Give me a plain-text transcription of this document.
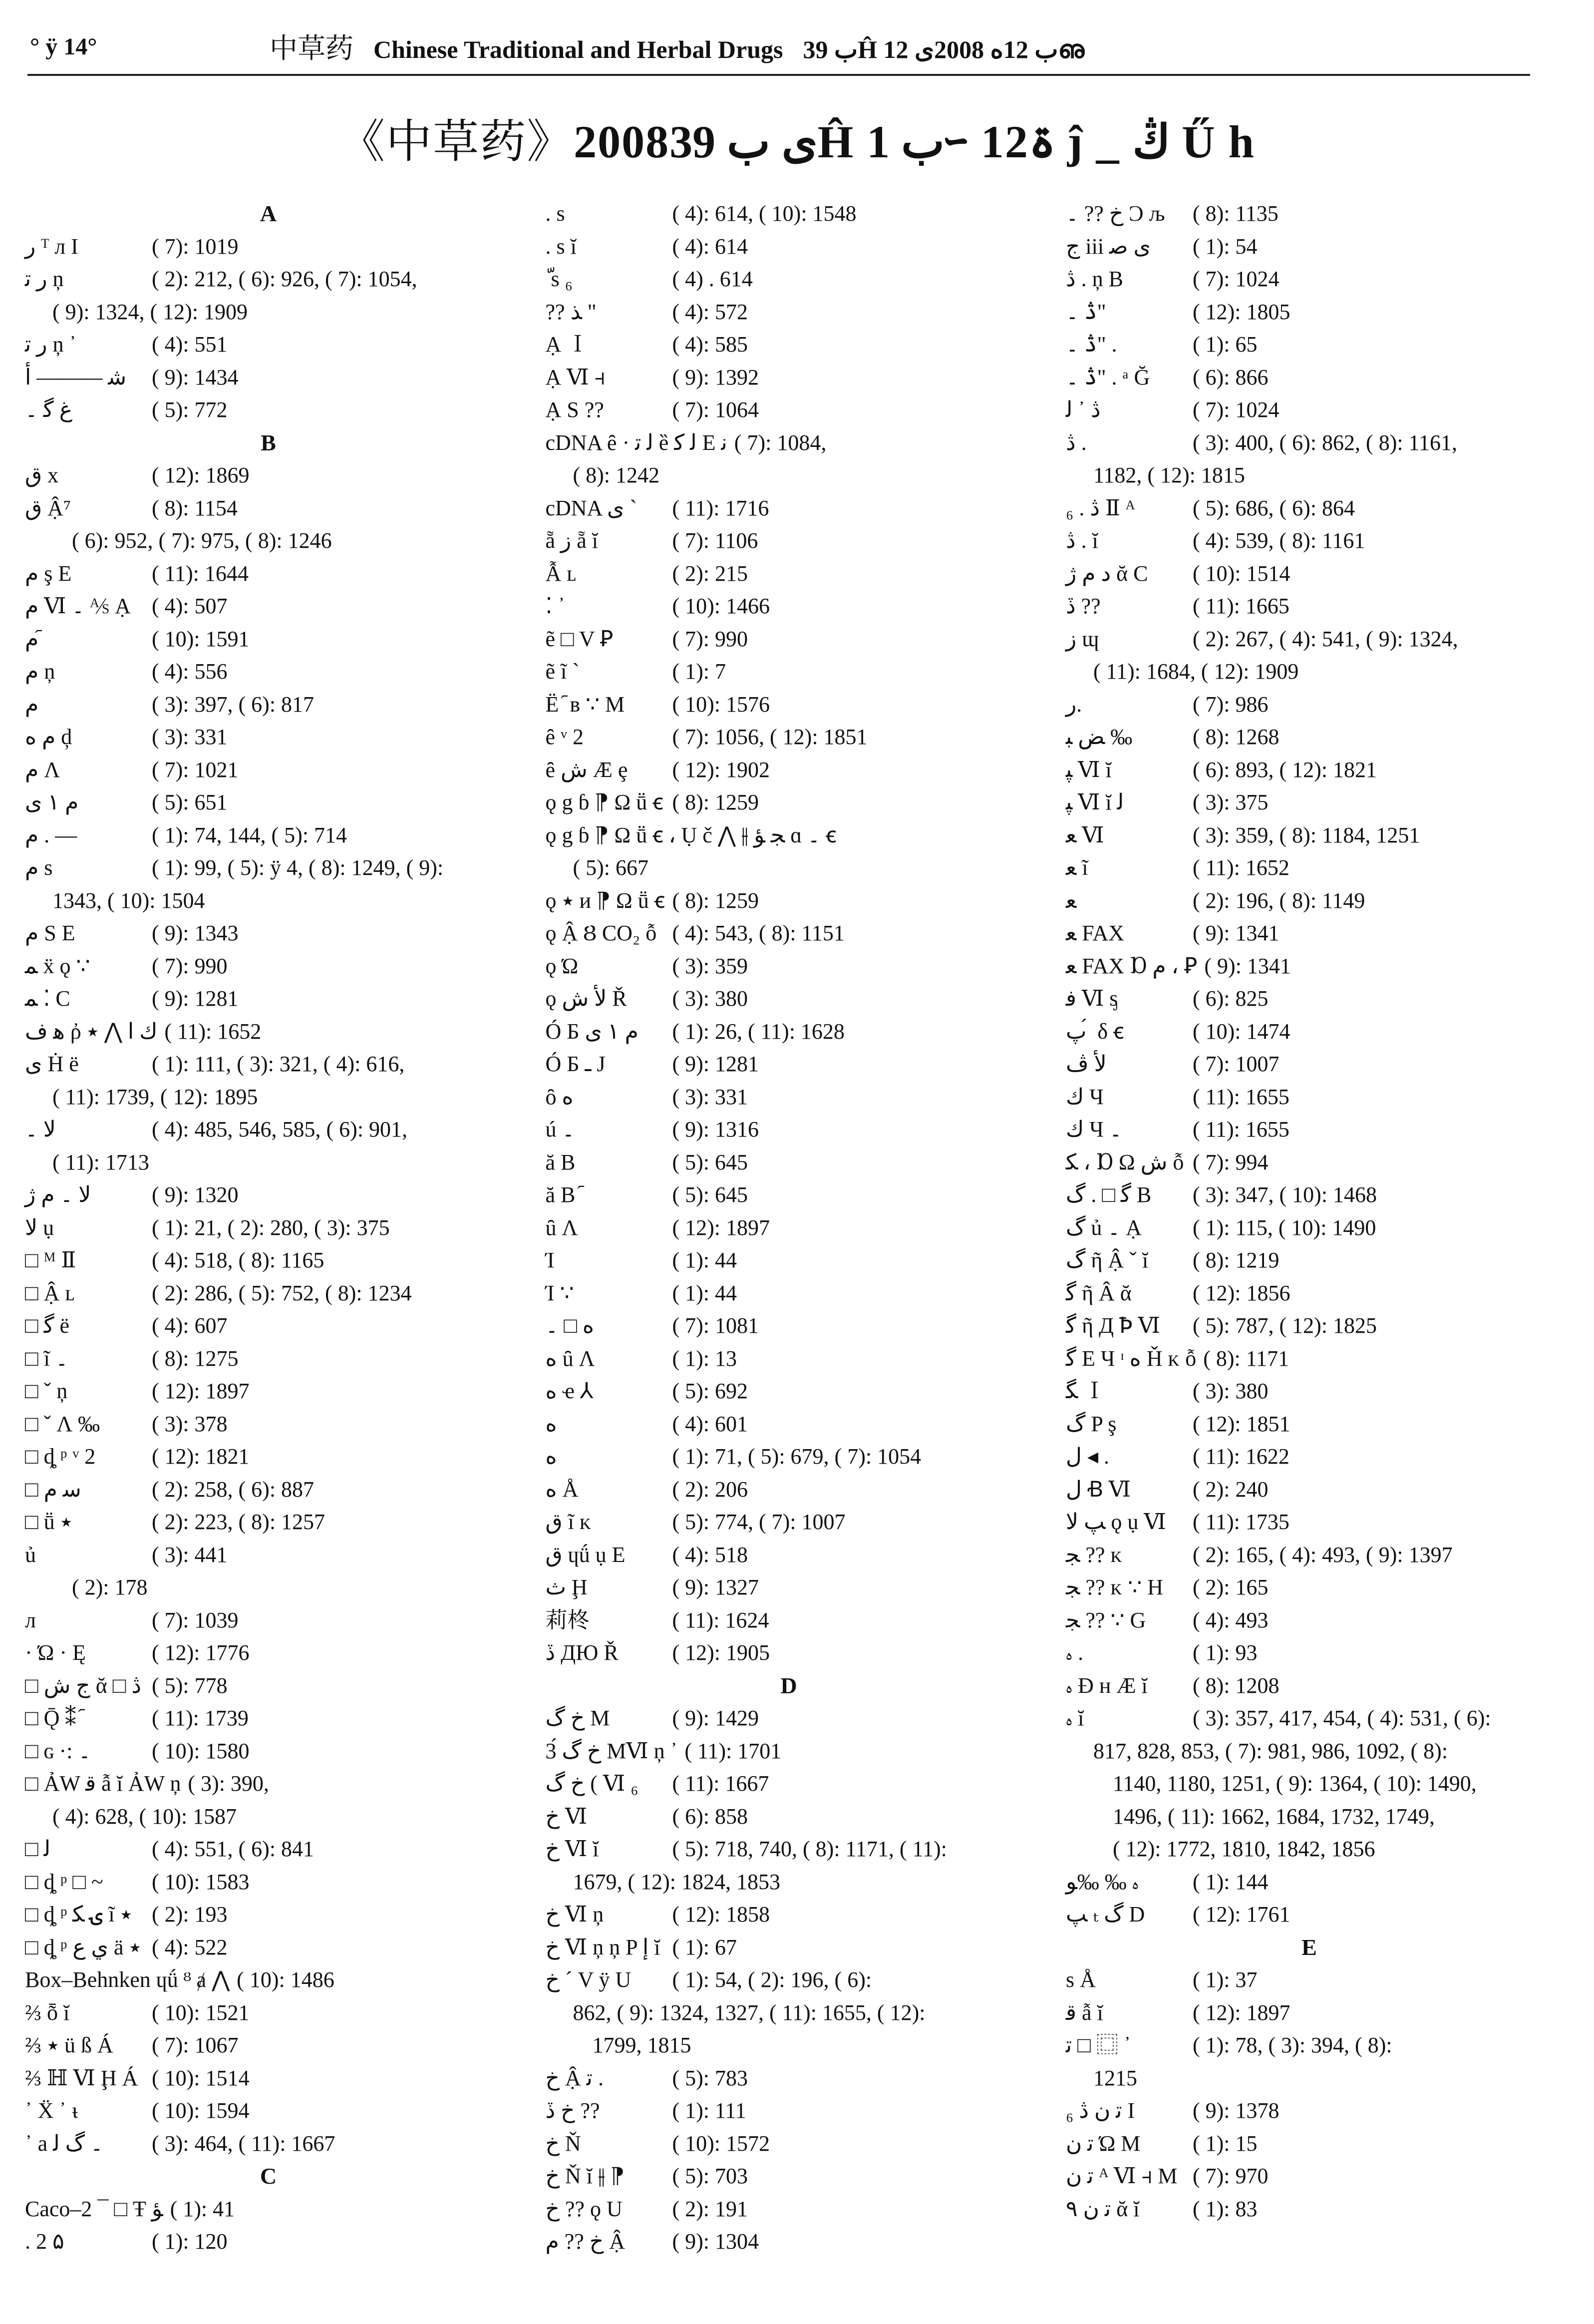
° ÿ 14°	中草药 Chinese Traditional and Herbal Drugs ب 39Ĥ ب 12ە 2008ى 12ഌ
《中草药》2008ى ب 39Ĥ ب 1ｰ 12ۃ ĵ _ ڭ Ű h
A
ر ᵀ л І	( 7): 1019
ر ﺗ ņ	( 2): 212, ( 6): 926, ( 7): 1054,
( 9): 1324, ( 12): 1909
ر ﺗ ņ ᾽	( 4): 551
ﺷ ——— ﺃ ( 9): 1434
ﻍ ﮔ ۔	( 5): 772
B
ﻕ x	( 12): 1869
ﻕ Ậ⁷	( 8): 1154
( 6): 952, ( 7): 975, ( 8): 1246
ﻡ ş E	( 11): 1644
ﻡ Ⅵ ۔ ⅍ Ạ ( 4): 507
ﻡ ᷇	( 10): 1591
ﻡ ņ	( 4): 556
ﻡ	( 3): 397, ( 6): 817
ﻡ ﻩ ḑ	( 3): 331
ﻡ Ʌ	( 7): 1021
ﻡ ۱ ﯼ	( 5): 651
ﻡ . —	( 1): 74, 144, ( 5): 714
ﻡ s	( 1): 99, ( 5): ÿ 4, ( 8): 1249, ( 9):
1343, ( 10): 1504
ﻡ S E	( 9): 1343
ﻤ ẍ ǫ ∵	( 7): 990
ﻤ ⁚ C	( 9): 1281
ﻫ ﻑ ῤ ﻙ ا ⋀ ٭ ( 11): 1652
ﯼ Ḣ ë	( 1): 111, ( 3): 321, ( 4): 616,
( 11): 1739, ( 12): 1895
ﻻ ۔	( 4): 485, 546, 585, ( 6): 901,
( 11): 1713
ﻻ ۔ ﻡ ژ	( 9): 1320
ﻻ ụ	( 1): 21, ( 2): 280, ( 3): 375
□ ᴹ Ⅱ	( 4): 518, ( 8): 1165
□ Ậ ʟ	( 2): 286, ( 5): 752, ( 8): 1234
□ ﮔ ë	( 4): 607
□ ĩ ۔	( 8): 1275
□ ˇ ņ	( 12): 1897
□ ˇ Ʌ ‰ ( 3): 378
□ ȡ ᵖ ᵛ 2	( 12): 1821
□ ﺳ ﻡ	( 2): 258, ( 6): 887
□ ṻ ٭	( 2): 223, ( 8): 1257
ủ	( 3): 441
( 2): 178
л	( 7): 1039
· Ώ · Ę	( 12): 1776
□ ﺝ ﺵ ᾰ □ ڎ ( 5): 778
□ Ǭ ⁑ ᷇	( 11): 1739
□ ɢ ·: ۔	( 10): 1580
□ ẢW ﻗ ẫ ĭ ẢW ņ ( 3): 390,
( 4): 628, ( 10): 1587
□ ﻟ	( 4): 551, ( 6): 841
□ ȡ ᵖ □ ~ ( 10): 1583
□ ȡ ᵖ ۍ ﮑ ĩ ٭ ( 2): 193
□ ȡ ᵖ ﻱ ﻉ ä ٭ ( 4): 522
Box–Behnken ɥǘ ᴽ ⱥ ⋀ ( 10): 1486
⅔ ȭ ĭ	( 10): 1521
⅔ ٭ ü ß Á ( 7): 1067
⅔ ℍ Ⅵ Ḩ Á ( 10): 1514
᾽ Ẍ ᾽ ᵼ	( 10): 1594
᾽ a ۔ ﮒ ﻟ ( 3): 464, ( 11): 1667
C
Caco–2 ¯ □ Ŧ ﺆ ( 1): 41
. 2 ۵	( 1): 120
. s	( 4): 614, ( 10): 1548
. s ĭ	( 4): 614
ّ s ₆	( 4) . 614
?? ﺬ "	( 4): 572
Ạ Ｉ	( 4): 585
Ạ Ⅵ ⫞	( 9): 1392
Ạ S ??	( 7): 1064
cDNA ȇ · ﻟ ﺗ ȅ ﻟ ﮐ E ﻧ ( 7): 1084,
( 8): 1242
cDNA ﯼ ˋ ( 11): 1716
ẵ ﺯ ẵ ĭ	( 7): 1106
Ẫ ʟ	( 2): 215
⁚ ᾽	( 10): 1466
ẽ □ V Ꝑ	( 7): 990
ẽ ĩ ˋ	( 1): 7
Ë ᷇ ʙ ∵ M ( 10): 1576
ȇ ᵛ 2	( 7): 1056, ( 12): 1851
ȇ ﺵ Æ ȩ ( 12): 1902
ǫ g ɓ ⁋ Ω ṻ ꞓ ( 8): 1259
ǫ g ɓ ⁋ Ω ṻ ꞓ ، Ụ č ⋀ ⫲ ﺠ ﺆ ɑ ۔ ꞓ
( 5): 667
ǫ ٭ ᴎ ⁋ Ω ṻ ꞓ ( 8): 1259
ǫ Ậ Ȣ CO₂ ỗ ( 4): 543, ( 8): 1151
ǫ Ώ	( 3): 359
ǫ ﻷ ﺵ Ř ( 3): 380
Ó Ƃ ﻡ ۱ ﯼ ( 1): 26, ( 11): 1628
Ó Ƃ ـ J	( 9): 1281
ȏ ﻩ	( 3): 331
ú ۔	( 9): 1316
ă B	( 5): 645
ă B ᷇	( 5): 645
ȗ Ʌ	( 12): 1897
Ί	( 1): 44
Ί ∵	( 1): 44
ﻩ □ ۔	( 7): 1081
ﻩ ȗ Ʌ	( 1): 13
ﻩ ҽ ⅄	( 5): 692
ﻩ	( 4): 601
ﻩ	( 1): 71, ( 5): 679, ( 7): 1054
ﻩ Å	( 2): 206
ﻕ ĩ ᴋ	( 5): 774, ( 7): 1007
ﻕ ɥǘ ụ E ( 4): 518
ﺙ Ḩ	( 9): 1327
莉柊	( 11): 1624
ڏ ДЮ Ř ( 12): 1905
D
ﺥ ﮒ M	( 9): 1429
3́ ﺥ ﮒ MⅥ ņ ᾽ ( 11): 1701
ﺥ ﮒ ( Ⅵ ₆ ( 11): 1667
ﺥ Ⅵ	( 6): 858
ﺥ Ⅵ ĭ	( 5): 718, 740, ( 8): 1171, ( 11):
1679, ( 12): 1824, 1853
ﺥ Ⅵ ņ	( 12): 1858
ﺥ Ⅵ ņ ņ P ﺇ ĭ ( 1): 67
ﺥ ´ V ÿ U ( 1): 54, ( 2): 196, ( 6):
862, ( 9): 1324, 1327, ( 11): 1655, ( 12):
1799, 1815
ﺥ Ậ ﺗ .	( 5): 783
ﺥ ڏ ??	( 1): 111
ﺥ Ň	( 10): 1572
ﺥ Ň ĭ ⫲ ⁋ ( 5): 703
ﺥ ?? ǫ U ( 2): 191
ﺥ ?? ﻡ Ậ ( 9): 1304
ﺥ ?? ۔ Ͻ љ ( 8): 1135
ﺝ iii ﯼ ﺻ ( 1): 54
ڎ . ņ B	( 7): 1024
ڎ ۔"	( 12): 1805
ڎ ۔" .	( 1): 65
ڎ ۔" . ᵃ Ğ ( 6): 866
ڎ ᾽ ﻟ	( 7): 1024
ڎ .	( 3): 400, ( 6): 862, ( 8): 1161,
1182, ( 12): 1815
ڎ . ₆ Ⅱ ᴬ	( 5): 686, ( 6): 864
ڎ . ĭ	( 4): 539, ( 8): 1161
ﺩ ﻡ ژ ᾰ C ( 10): 1514
ڏ ??	( 11): 1665
ﺯ ɰ	( 2): 267, ( 4): 541, ( 9): 1324,
( 11): 1684, ( 12): 1909
ﺭ.	( 7): 986
ﺾ ﺒ ‰	( 8): 1268
ﭙ Ⅵ ĭ	( 6): 893, ( 12): 1821
ﭙ Ⅵ ĭ ﻟ	( 3): 375
ﻌ Ⅵ	( 3): 359, ( 8): 1184, 1251
ﻌ ĩ	( 11): 1652
ﻌ	( 2): 196, ( 8): 1149
ﻌ FAX	( 9): 1341
ﻌ FAX Ɒ ﻡ ، Ꝑ ( 9): 1341
ﻓ Ⅵ ᶊ	( 6): 825
ﭖ ́ δ ꞓ	( 10): 1474
ﻷ ڤ	( 7): 1007
ﻙ Ч	( 11): 1655
ﻙ Ч ۔	( 11): 1655
ﻜ ، Ɒ Ω ﺵ ỗ ( 7): 994
ﮔ □ . ﮒ B ( 3): 347, ( 10): 1468
ﮒ ủ ۔ Ạ ( 1): 115, ( 10): 1490
ﮒ ῆ Ậ ˇ ĭ ( 8): 1219
ﮔ ῆ Â ᾰ	( 12): 1856
ﮔ ῆ Д Ꝥ Ⅵ ( 5): 787, ( 12): 1825
ﮔ E Ч ᶦ ﻩ Ȟ ᴋ ỗ ( 8): 1171
ﮕ Ｉ	( 3): 380
ﮒ P ş	( 12): 1851
ﻝ ◂ .	( 11): 1622
ﻝ Ꞗ Ⅵ	( 2): 240
ﭗ ﻻ ǫ ụ Ⅵ ( 11): 1735
ﺠ ?? ᴋ	( 2): 165, ( 4): 493, ( 9): 1397
ﺠ ?? ᴋ ∵ H ( 2): 165
ﺠ ?? ∵ G ( 4): 493
ﮦ .	( 1): 93
ﮦ Ɖ ʜ Æ ĭ ( 8): 1208
ﮦ ĭ	( 3): 357, 417, 454, ( 4): 531, ( 6):
817, 828, 853, ( 7): 981, 986, 1092, ( 8):
1140, 1180, 1251, ( 9): 1364, ( 10): 1490,
1496, ( 11): 1662, 1684, 1732, 1749,
( 12): 1772, 1810, 1842, 1856
ﮦ ‰ ‰ﻮ ( 1): 144
ﭗ ₜ ﮒ D ( 12): 1761
E
s Å	( 1): 37
ﻗ ẫ ĭ	( 12): 1897
ﺗ □ ⿴ ᾽	( 1): 78, ( 3): 394, ( 8):
1215
ﺗ ﻥ ڎ ₆ I	( 9): 1378
ﺗ ﻥ Ώ M ( 1): 15
ﺗ ﻥ ᴬ Ⅵ ⫞ M ( 7): 970
ﺗ ﻥ ۹ ᾰ ĭ ( 1): 83
